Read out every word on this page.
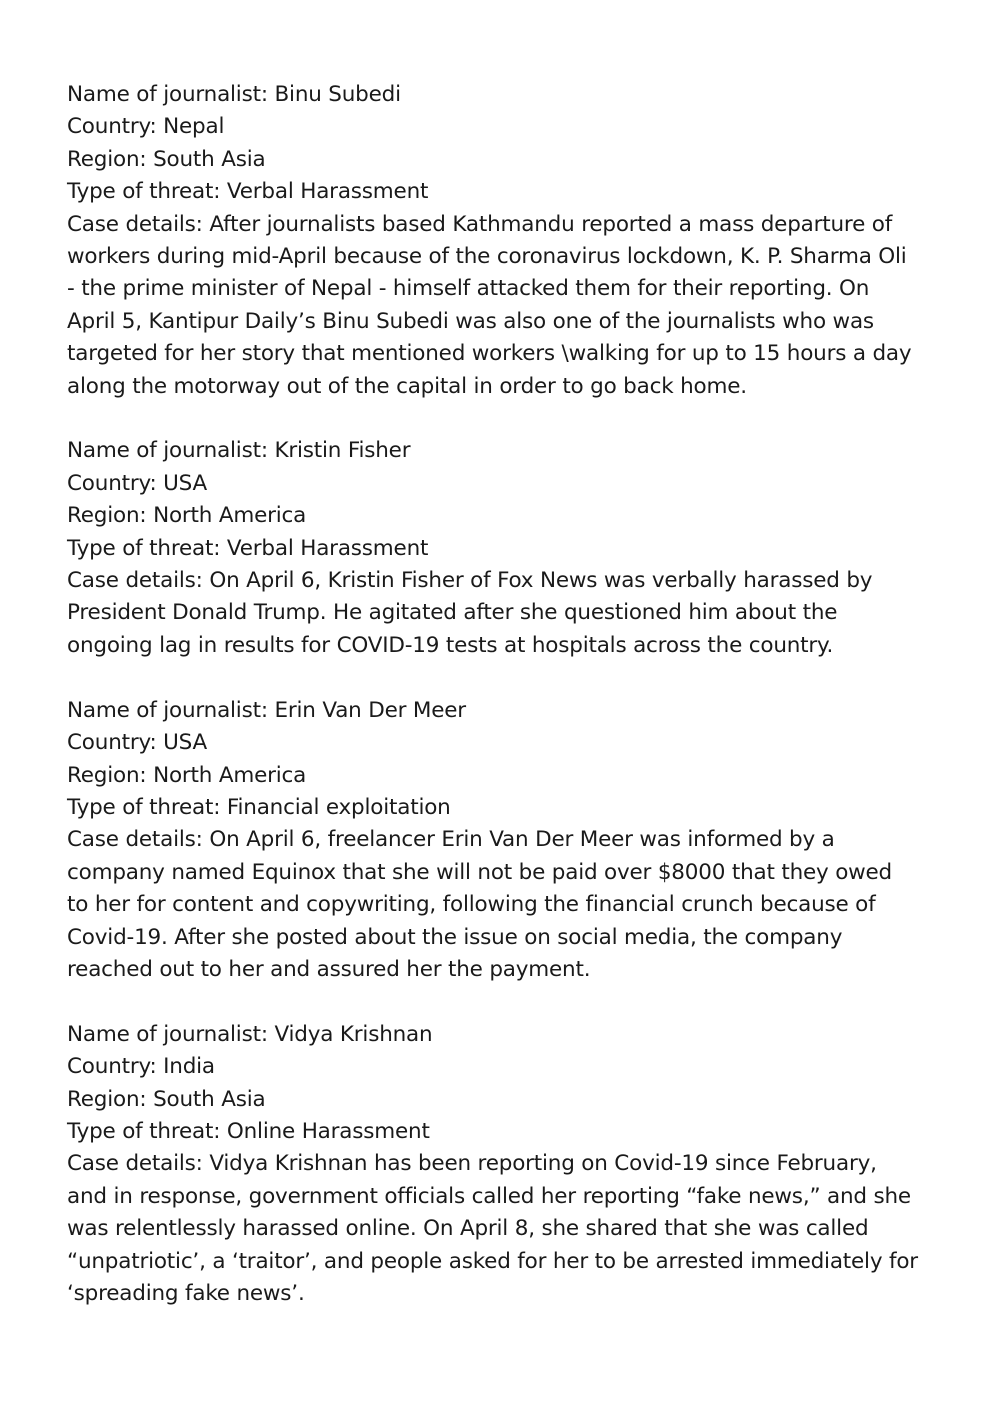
Name of journalist: Binu Subedi
Country: Nepal
Region: South Asia
Type of threat: Verbal Harassment
Case details: After journalists based Kathmandu reported a mass departure of
workers during mid-April because of the coronavirus lockdown, K. P. Sharma Oli
- the prime minister of Nepal - himself attacked them for their reporting. On
April 5, Kantipur Daily’s Binu Subedi was also one of the journalists who was
targeted for her story that mentioned workers \walking for up to 15 hours a day
along the motorway out of the capital in order to go back home.
Name of journalist: Kristin Fisher
Country: USA
Region: North America
Type of threat: Verbal Harassment
Case details: On April 6, Kristin Fisher of Fox News was verbally harassed by
President Donald Trump. He agitated after she questioned him about the
ongoing lag in results for COVID-19 tests at hospitals across the country.
Name of journalist: Erin Van Der Meer
Country: USA
Region: North America
Type of threat: Financial exploitation
Case details: On April 6, freelancer Erin Van Der Meer was informed by a
company named Equinox that she will not be paid over $8000 that they owed
to her for content and copywriting, following the financial crunch because of
Covid-19. After she posted about the issue on social media, the company
reached out to her and assured her the payment.
Name of journalist: Vidya Krishnan
Country: India
Region: South Asia
Type of threat: Online Harassment
Case details: Vidya Krishnan has been reporting on Covid-19 since February,
and in response, government officials called her reporting “fake news,” and she
was relentlessly harassed online. On April 8, she shared that she was called
“unpatriotic’, a ‘traitor’, and people asked for her to be arrested immediately for
‘spreading fake news’.
